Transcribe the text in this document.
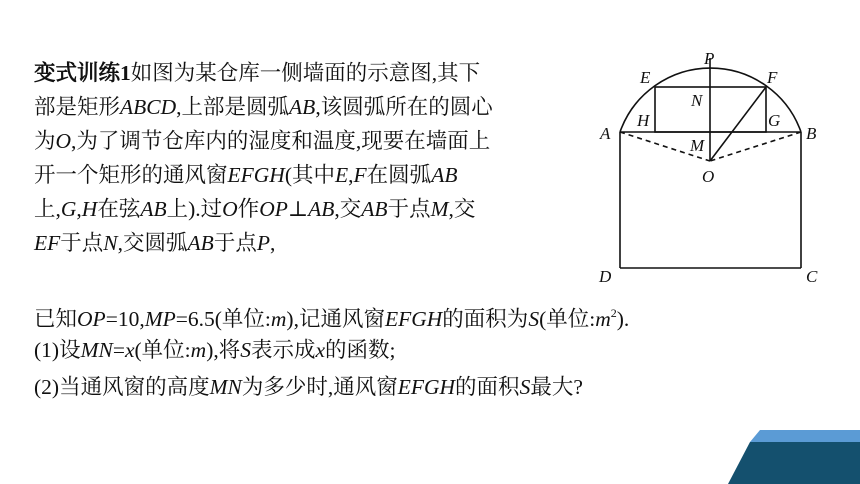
变式训练1如图为某仓库一侧墙面的示意图,其下
部是矩形ABCD,上部是圆弧AB,该圆弧所在的圆心
为O,为了调节仓库内的湿度和温度,现要在墙面上
开一个矩形的通风窗EFGH(其中E,F在圆弧AB
上,G,H在弦AB上).过O作OP⊥AB,交AB于点M,交
EF于点N,交圆弧AB于点P,
已知OP=10,MP=6.5(单位:m),记通风窗EFGH的面积为S(单位$:m^2$).
(1)设MN=x(单位:m),将S表示成x的函数;
(2)当通风窗的高度MN为多少时,通风窗EFGH的面积S最大?
P
E	F
N
A
H	G
B
M
O
D	C
